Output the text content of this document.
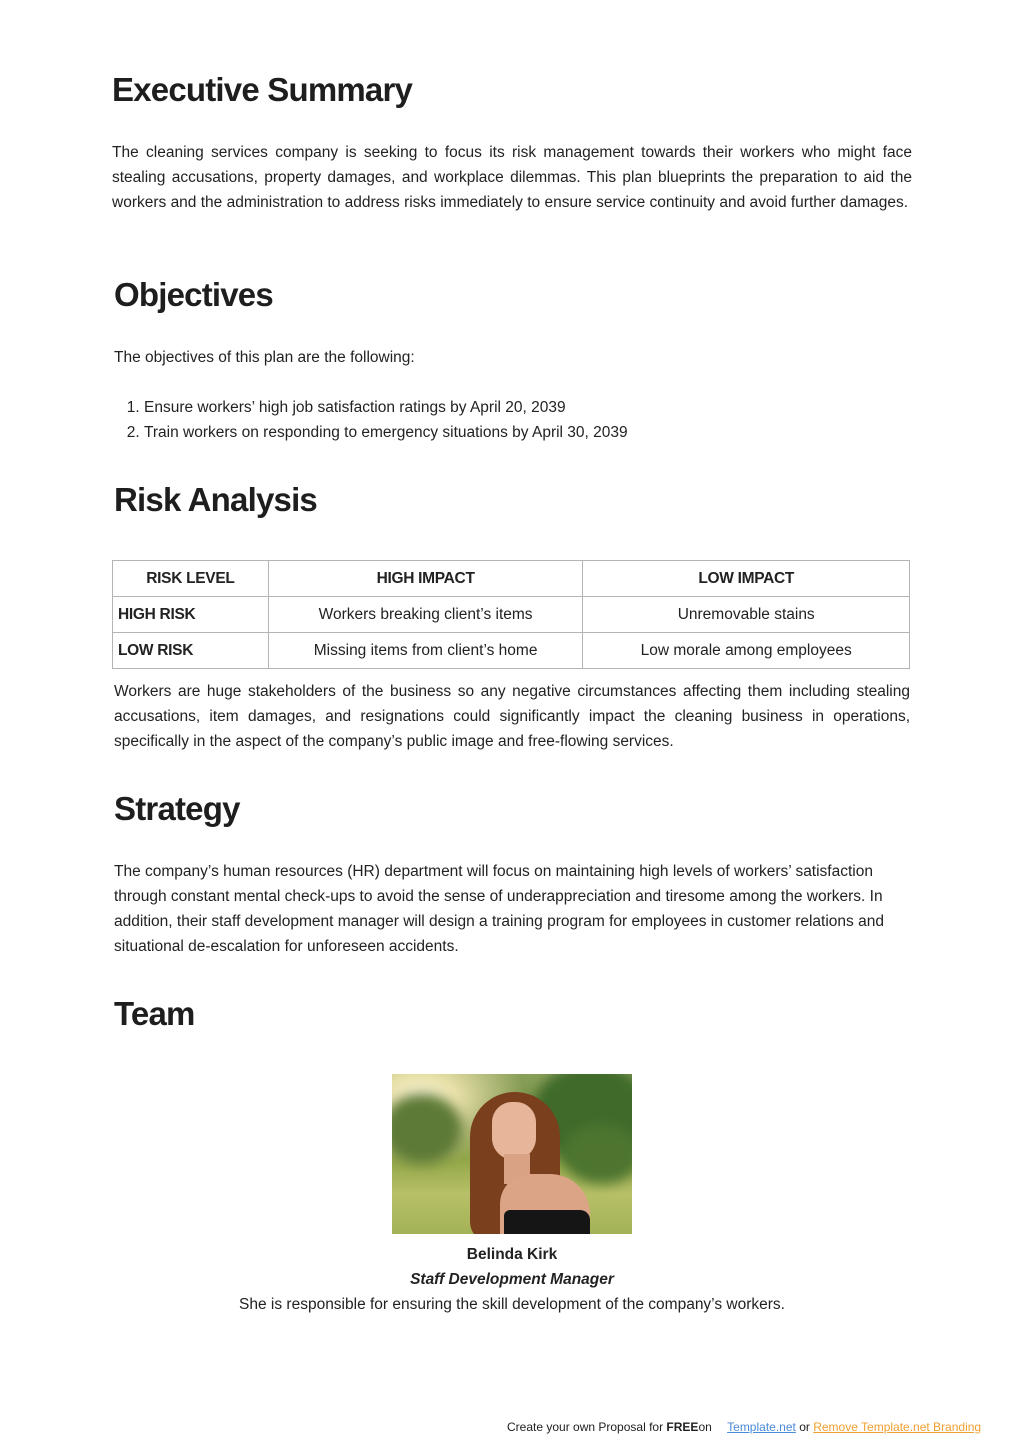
Executive Summary

The cleaning services company is seeking to focus its risk management towards their workers who might face stealing accusations, property damages, and workplace dilemmas. This plan blueprints the preparation to aid the workers and the administration to address risks immediately to ensure service continuity and avoid further damages.

Objectives

The objectives of this plan are the following:

1. Ensure workers’ high job satisfaction ratings by April 20, 2039
2. Train workers on responding to emergency situations by April 30, 2039
Risk Analysis
RISK LEVEL	HIGH IMPACT	LOW IMPACT
HIGH RISK	Workers breaking client’s items	Unremovable stains
LOW RISK	Missing items from client’s home	Low morale among employees

Workers are huge stakeholders of the business so any negative circumstances affecting them including stealing accusations, item damages, and resignations could significantly impact the cleaning business in operations, specifically in the aspect of the company’s public image and free-flowing services.

Strategy

The company’s human resources (HR) department will focus on maintaining high levels of workers’ satisfaction through constant mental check-ups to avoid the sense of underappreciation and tiresome among the workers. In addition, their staff development manager will design a training program for employees in customer relations and situational de-escalation for unforeseen accidents.

Team
Belinda Kirk
Staff Development Manager
She is responsible for ensuring the skill development of the company’s workers.
Create your own Proposal for FREEon Template.net or Remove Template.net Branding
